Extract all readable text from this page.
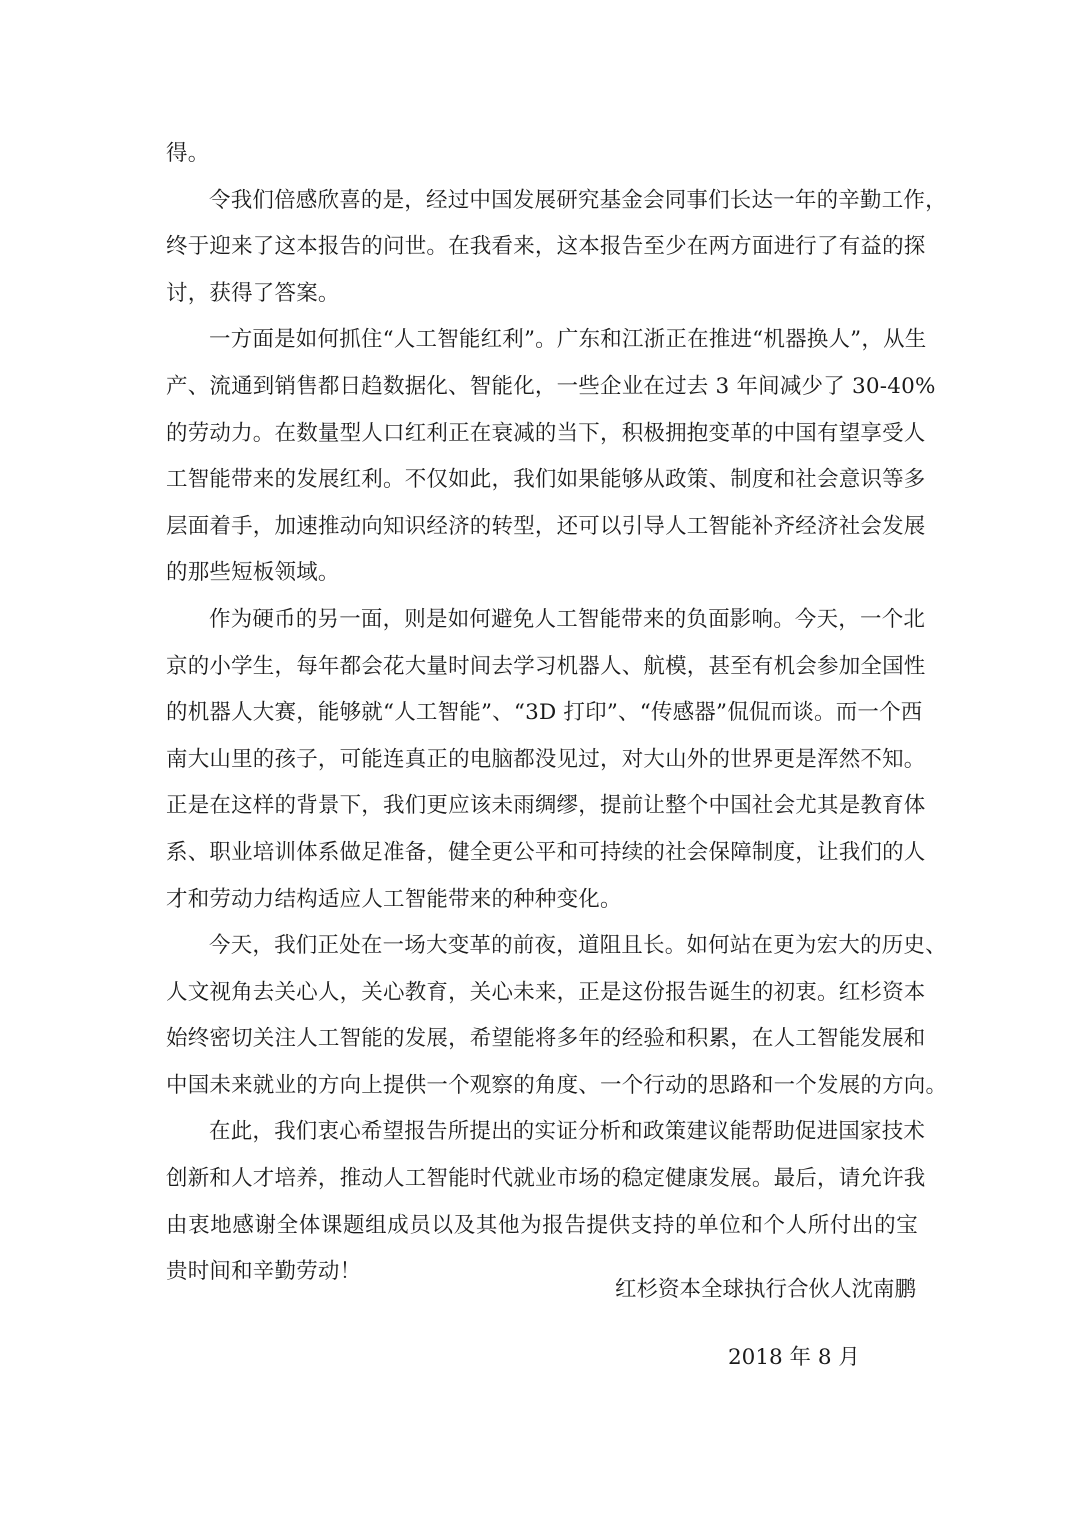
得。
令我们倍感欣喜的是，经过中国发展研究基金会同事们长达一年的辛勤工作，
终于迎来了这本报告的问世。在我看来，这本报告至少在两方面进行了有益的探
讨，获得了答案。
一方面是如何抓住“人工智能红利”。广东和江浙正在推进“机器换人”，从生
产、流通到销售都日趋数据化、智能化，一些企业在过去 3 年间减少了 30-40%
的劳动力。在数量型人口红利正在衰减的当下，积极拥抱变革的中国有望享受人
工智能带来的发展红利。不仅如此，我们如果能够从政策、制度和社会意识等多
层面着手，加速推动向知识经济的转型，还可以引导人工智能补齐经济社会发展
的那些短板领域。
作为硬币的另一面，则是如何避免人工智能带来的负面影响。今天，一个北
京的小学生，每年都会花大量时间去学习机器人、航模，甚至有机会参加全国性
的机器人大赛，能够就“人工智能”、“3D 打印”、“传感器”侃侃而谈。而一个西
南大山里的孩子，可能连真正的电脑都没见过，对大山外的世界更是浑然不知。
正是在这样的背景下，我们更应该未雨绸缪，提前让整个中国社会尤其是教育体
系、职业培训体系做足准备，健全更公平和可持续的社会保障制度，让我们的人
才和劳动力结构适应人工智能带来的种种变化。
今天，我们正处在一场大变革的前夜，道阻且长。如何站在更为宏大的历史、
人文视角去关心人，关心教育，关心未来，正是这份报告诞生的初衷。红杉资本
始终密切关注人工智能的发展，希望能将多年的经验和积累，在人工智能发展和
中国未来就业的方向上提供一个观察的角度、一个行动的思路和一个发展的方向。
在此，我们衷心希望报告所提出的实证分析和政策建议能帮助促进国家技术
创新和人才培养，推动人工智能时代就业市场的稳定健康发展。最后，请允许我
由衷地感谢全体课题组成员以及其他为报告提供支持的单位和个人所付出的宝
贵时间和辛勤劳动！
红杉资本全球执行合伙人沈南鹏
2018 年 8 月
